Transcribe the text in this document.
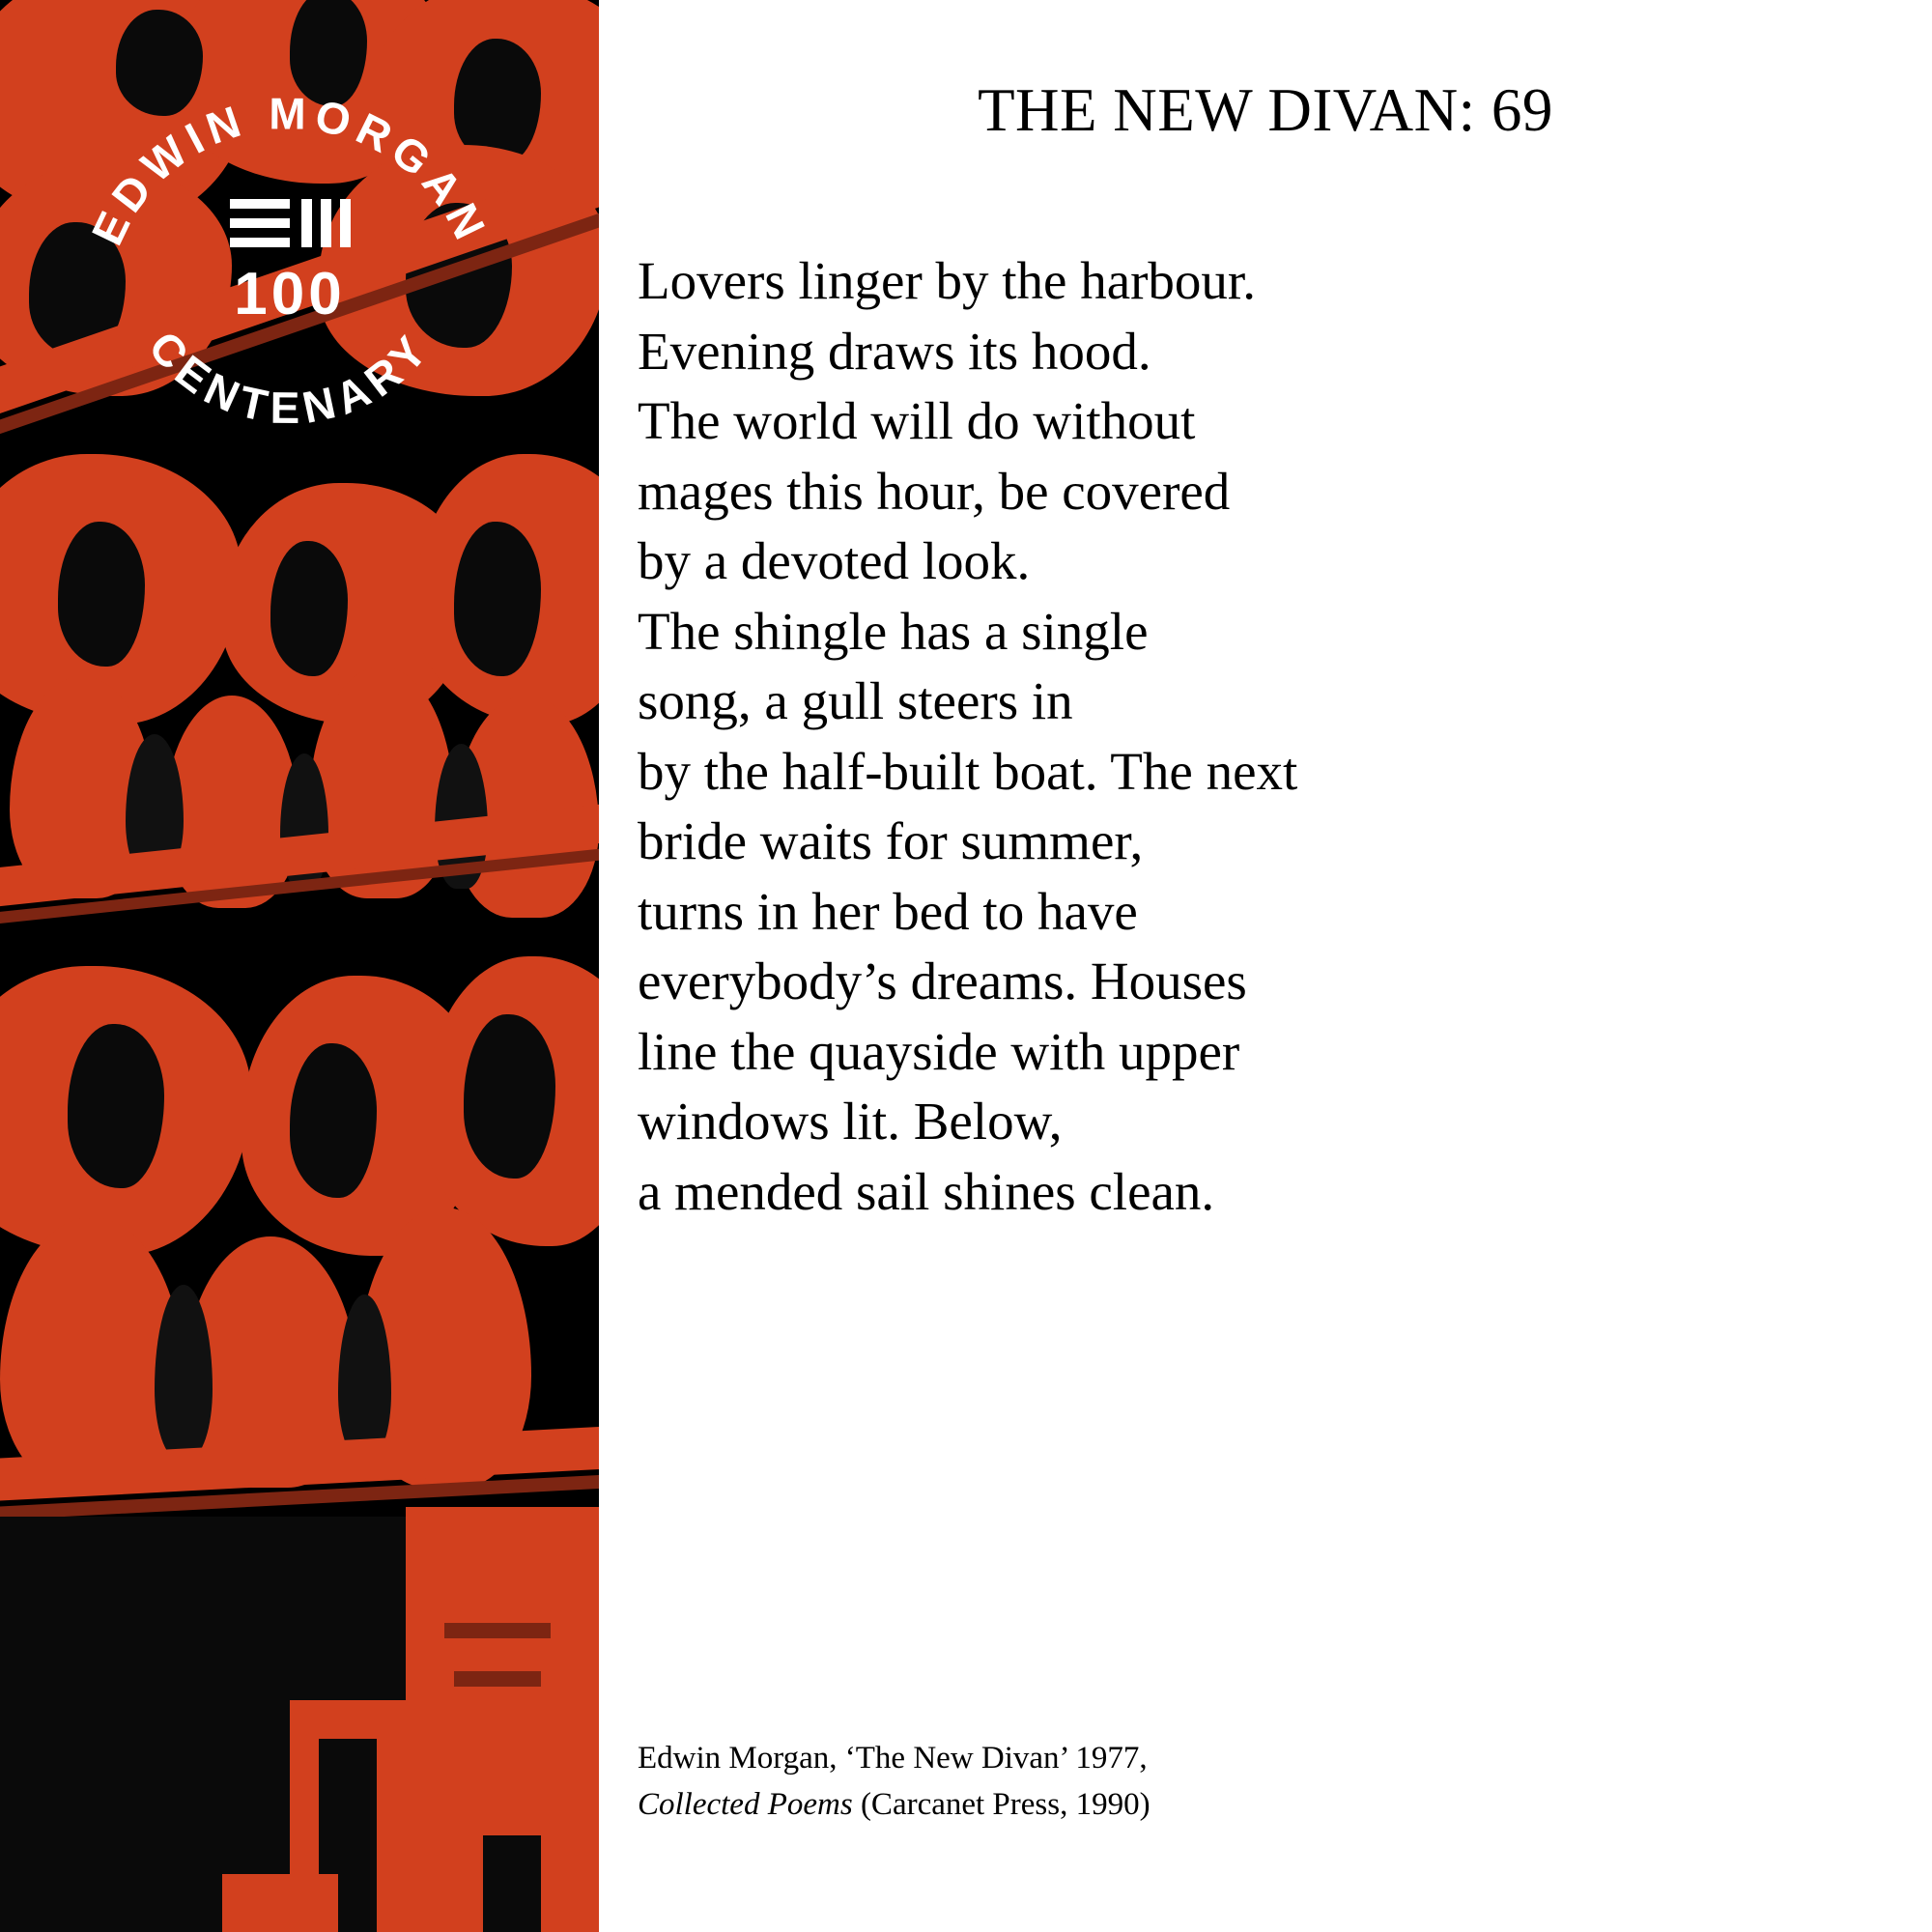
EDWIN MORGAN
CENTENARY
100
THE NEW DIVAN: 69
Lovers linger by the harbour.
Evening draws its hood.
The world will do without
mages this hour, be covered
by a devoted look.
The shingle has a single
song, a gull steers in
by the half-built boat. The next
bride waits for summer,
turns in her bed to have
everybody’s dreams. Houses
line the quayside with upper
windows lit. Below,
a mended sail shines clean.
Edwin Morgan, ‘The New Divan’ 1977,
Collected Poems (Carcanet Press, 1990)
